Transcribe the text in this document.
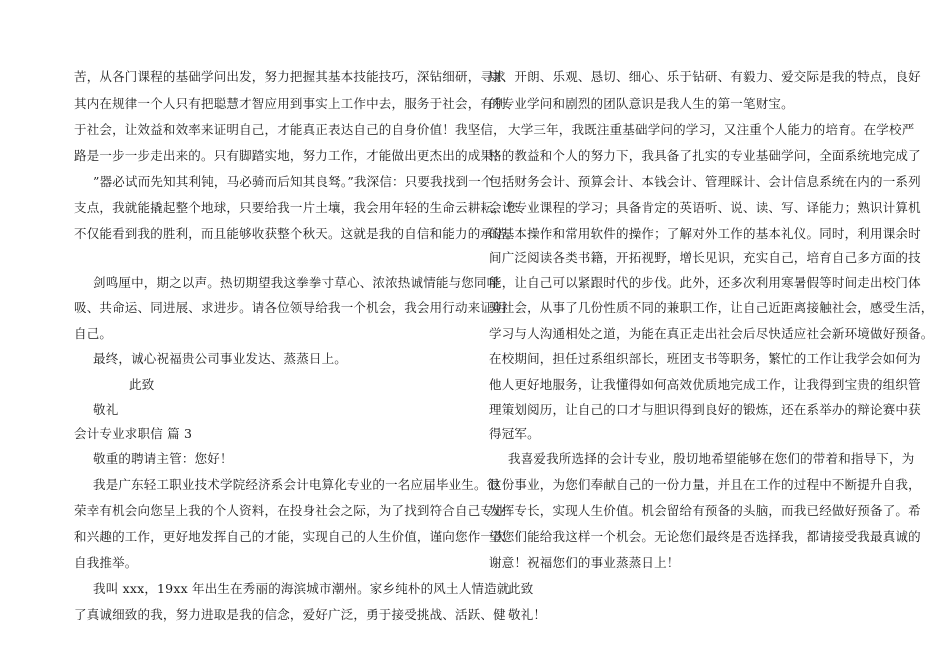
苦，从各门课程的基础学问出发，努力把握其基本技能技巧，深钻细研，寻求
其内在规律一个人只有把聪慧才智应用到事实上工作中去，服务于社会，有利
于社会，让效益和效率来证明自己，才能真正表达自己的自身价值！我坚信，
路是一步一步走出来的。只有脚踏实地，努力工作，才能做出更杰出的成果！
”器必试而先知其利钝，马必骑而后知其良驽。”我深信：只要我找到一个
支点，我就能撬起整个地球，只要给我一片土壤，我会用年轻的生命云耕耘，您
不仅能看到我的胜利，而且能够收获整个秋天。这就是我的自信和能力的承诺。
剑鸣厘中，期之以声。热切期望我这拳拳寸草心、浓浓热诚情能与您同呼
吸、共命运、同进展、求进步。请各位领导给我一个机会，我会用行动来证明
自己。
最终，诚心祝福贵公司事业发达、蒸蒸日上。
此致
敬礼
会计专业求职信 篇 3
敬重的聘请主管：您好！
我是广东轻工职业技术学院经济系会计电算化专业的一名应届毕业生。很
荣幸有机会向您呈上我的个人资料，在投身社会之际，为了找到符合自己专业
和兴趣的工作，更好地发挥自己的才能，实现自己的人生价值，谨向您作一次
自我推举。
我叫 xxx，19xx 年出生在秀丽的海滨城市潮州。家乡纯朴的风土人情造就
了真诚细致的我，努力进取是我的信念，爱好广泛，勇于接受挑战、活跃、健
康、开朗、乐观、恳切、细心、乐于钻研、有毅力、爱交际是我的特点，良好
的专业学问和剧烈的团队意识是我人生的第一笔财宝。
大学三年，我既注重基础学问的学习，又注重个人能力的培育。在学校严
格的教益和个人的努力下，我具备了扎实的专业基础学问，全面系统地完成了
包括财务会计、预算会计、本钱会计、管理睬计、会计信息系统在内的一系列
会计专业课程的学习；具备肯定的英语听、说、读、写、译能力；熟识计算机
的基本操作和常用软件的操作；了解对外工作的基本礼仪。同时，利用课余时
间广泛阅读各类书籍，开拓视野，增长见识，充实自己，培育自己多方面的技
能，让自己可以紧跟时代的步伐。此外，还多次利用寒暑假等时间走出校门体
验社会，从事了几份性质不同的兼职工作，让自己近距离接触社会，感受生活，
学习与人沟通相处之道，为能在真正走出社会后尽快适应社会新环境做好预备。
在校期间，担任过系组织部长，班团支书等职务，繁忙的工作让我学会如何为
他人更好地服务，让我懂得如何高效优质地完成工作，让我得到宝贵的组织管
理策划阅历，让自己的口才与胆识得到良好的锻炼，还在系举办的辩论赛中获
得冠军。
我喜爱我所选择的会计专业，殷切地希望能够在您们的带着和指导下，为
这份事业，为您们奉献自己的一份力量，并且在工作的过程中不断提升自我，
发挥专长，实现人生价值。机会留给有预备的头脑，而我已经做好预备了。希
望您们能给我这样一个机会。无论您们最终是否选择我，都请接受我最真诚的
谢意！祝福您们的事业蒸蒸日上！
此致
敬礼！
